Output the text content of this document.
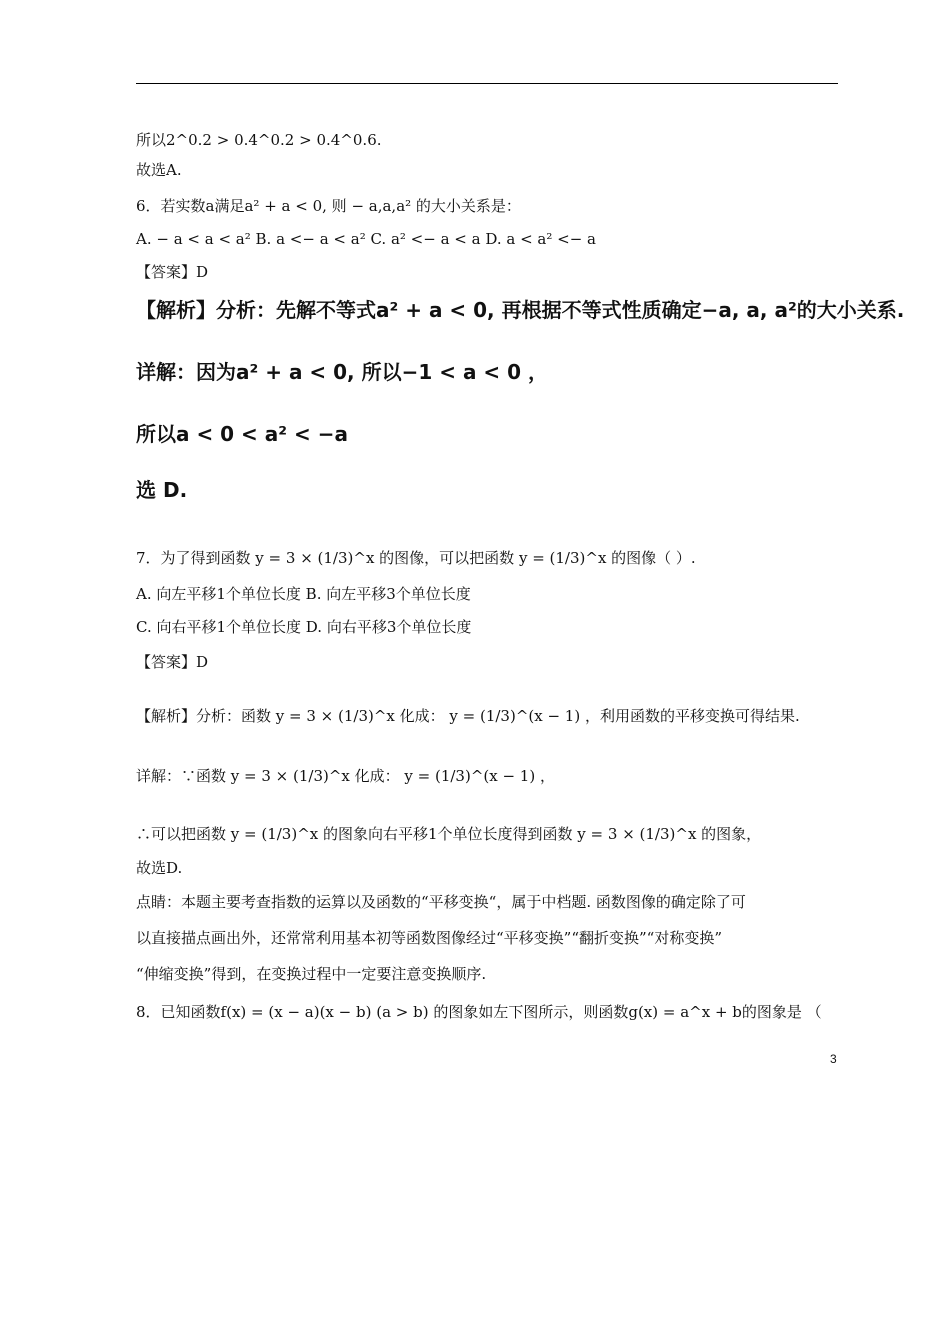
所以2^0.2 > 0.4^0.2 > 0.4^0.6.
故选A.
6．若实数a满足a² + a < 0, 则 − a,a,a² 的大小关系是：
A. − a < a < a² B. a <− a < a² C. a² <− a < a D. a < a² <− a
【答案】D
【解析】分析：先解不等式a² + a < 0, 再根据不等式性质确定−a, a, a²的大小关系.
详解：因为a² + a < 0, 所以−1 < a < 0 ，
所以a < 0 < a² < −a
选 D.
7．为了得到函数 y = 3 × (1/3)^x 的图像，可以把函数 y = (1/3)^x 的图像（ ）.
A. 向左平移1个单位长度 B. 向左平移3个单位长度
C. 向右平移1个单位长度 D. 向右平移3个单位长度
【答案】D
【解析】分析：函数 y = 3 × (1/3)^x 化成： y = (1/3)^(x − 1) ，利用函数的平移变换可得结果.
详解：∵函数 y = 3 × (1/3)^x 化成： y = (1/3)^(x − 1) ，
∴可以把函数 y = (1/3)^x 的图象向右平移1个单位长度得到函数 y = 3 × (1/3)^x 的图象，
故选D.
点睛：本题主要考查指数的运算以及函数的“平移变换“，属于中档题. 函数图像的确定除了可
以直接描点画出外，还常常利用基本初等函数图像经过“平移变换”“翻折变换”“对称变换”
“伸缩变换”得到，在变换过程中一定要注意变换顺序.
8．已知函数f(x) = (x − a)(x − b) (a > b) 的图象如左下图所示，则函数g(x) = a^x + b的图象是 （
3
